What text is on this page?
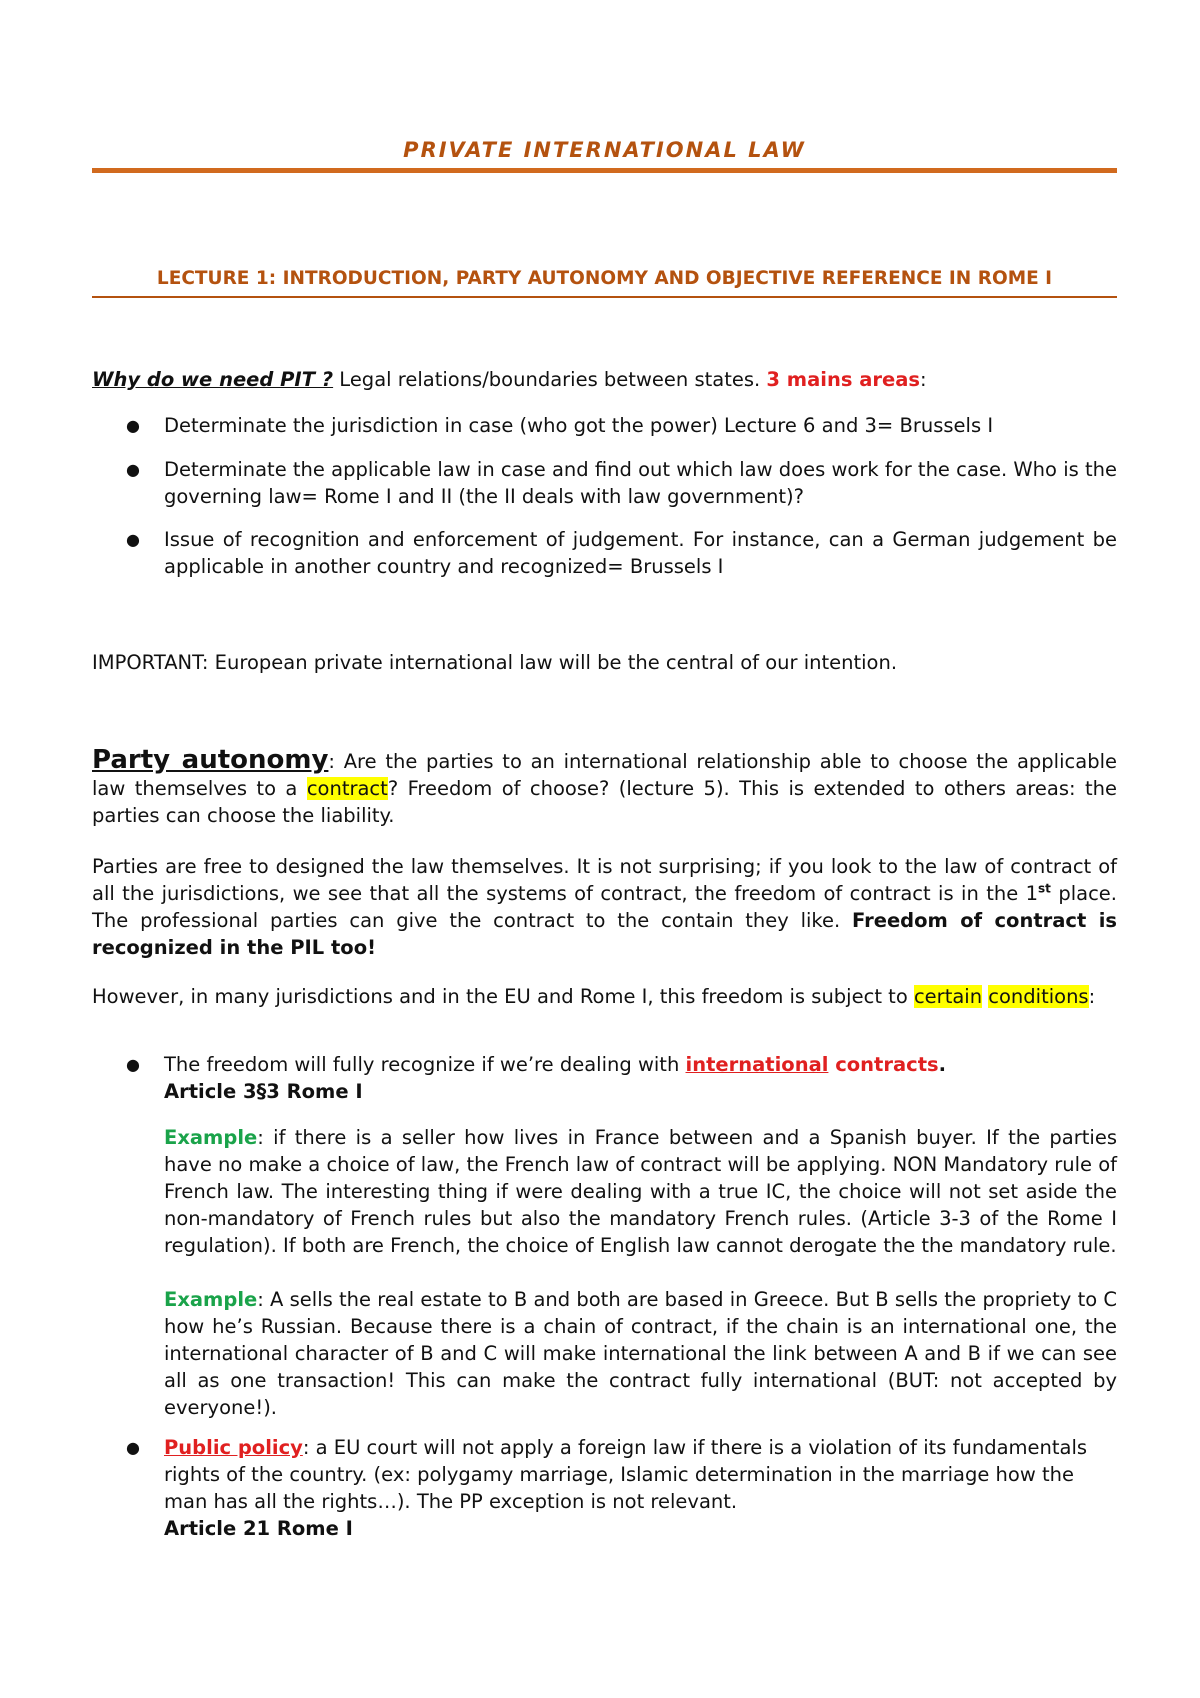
PRIVATE INTERNATIONAL LAW
LECTURE 1: INTRODUCTION, PARTY AUTONOMY AND OBJECTIVE REFERENCE IN ROME I

Why do we need PIT ? Legal relations/boundaries between states. 3 mains areas:

● Determinate the jurisdiction in case (who got the power) Lecture 6 and 3= Brussels I

● Determinate the applicable law in case and find out which law does work for the case. Who is the governing law= Rome I and II (the II deals with law government)?

● Issue of recognition and enforcement of judgement. For instance, can a German judgement be applicable in another country and recognized= Brussels I

IMPORTANT: European private international law will be the central of our intention.

Party autonomy: Are the parties to an international relationship able to choose the applicable law themselves to a contract? Freedom of choose? (lecture 5). This is extended to others areas: the parties can choose the liability.

Parties are free to designed the law themselves. It is not surprising; if you look to the law of contract of all the jurisdictions, we see that all the systems of contract, the freedom of contract is in the 1st place. The professional parties can give the contract to the contain they like. Freedom of contract is recognized in the PIL too!

However, in many jurisdictions and in the EU and Rome I, this freedom is subject to certain conditions:

● The freedom will fully recognize if we’re dealing with international contracts.
Article 3§3 Rome I

Example: if there is a seller how lives in France between and a Spanish buyer. If the parties have no make a choice of law, the French law of contract will be applying. NON Mandatory rule of French law. The interesting thing if were dealing with a true IC, the choice will not set aside the non-mandatory of French rules but also the mandatory French rules. (Article 3-3 of the Rome I regulation). If both are French, the choice of English law cannot derogate the the mandatory rule.

Example: A sells the real estate to B and both are based in Greece. But B sells the propriety to C how he’s Russian. Because there is a chain of contract, if the chain is an international one, the international character of B and C will make international the link between A and B if we can see all as one transaction! This can make the contract fully international (BUT: not accepted by everyone!).

● Public policy: a EU court will not apply a foreign law if there is a violation of its fundamentals rights of the country. (ex: polygamy marriage, Islamic determination in the marriage how the man has all the rights…). The PP exception is not relevant.
Article 21 Rome I
